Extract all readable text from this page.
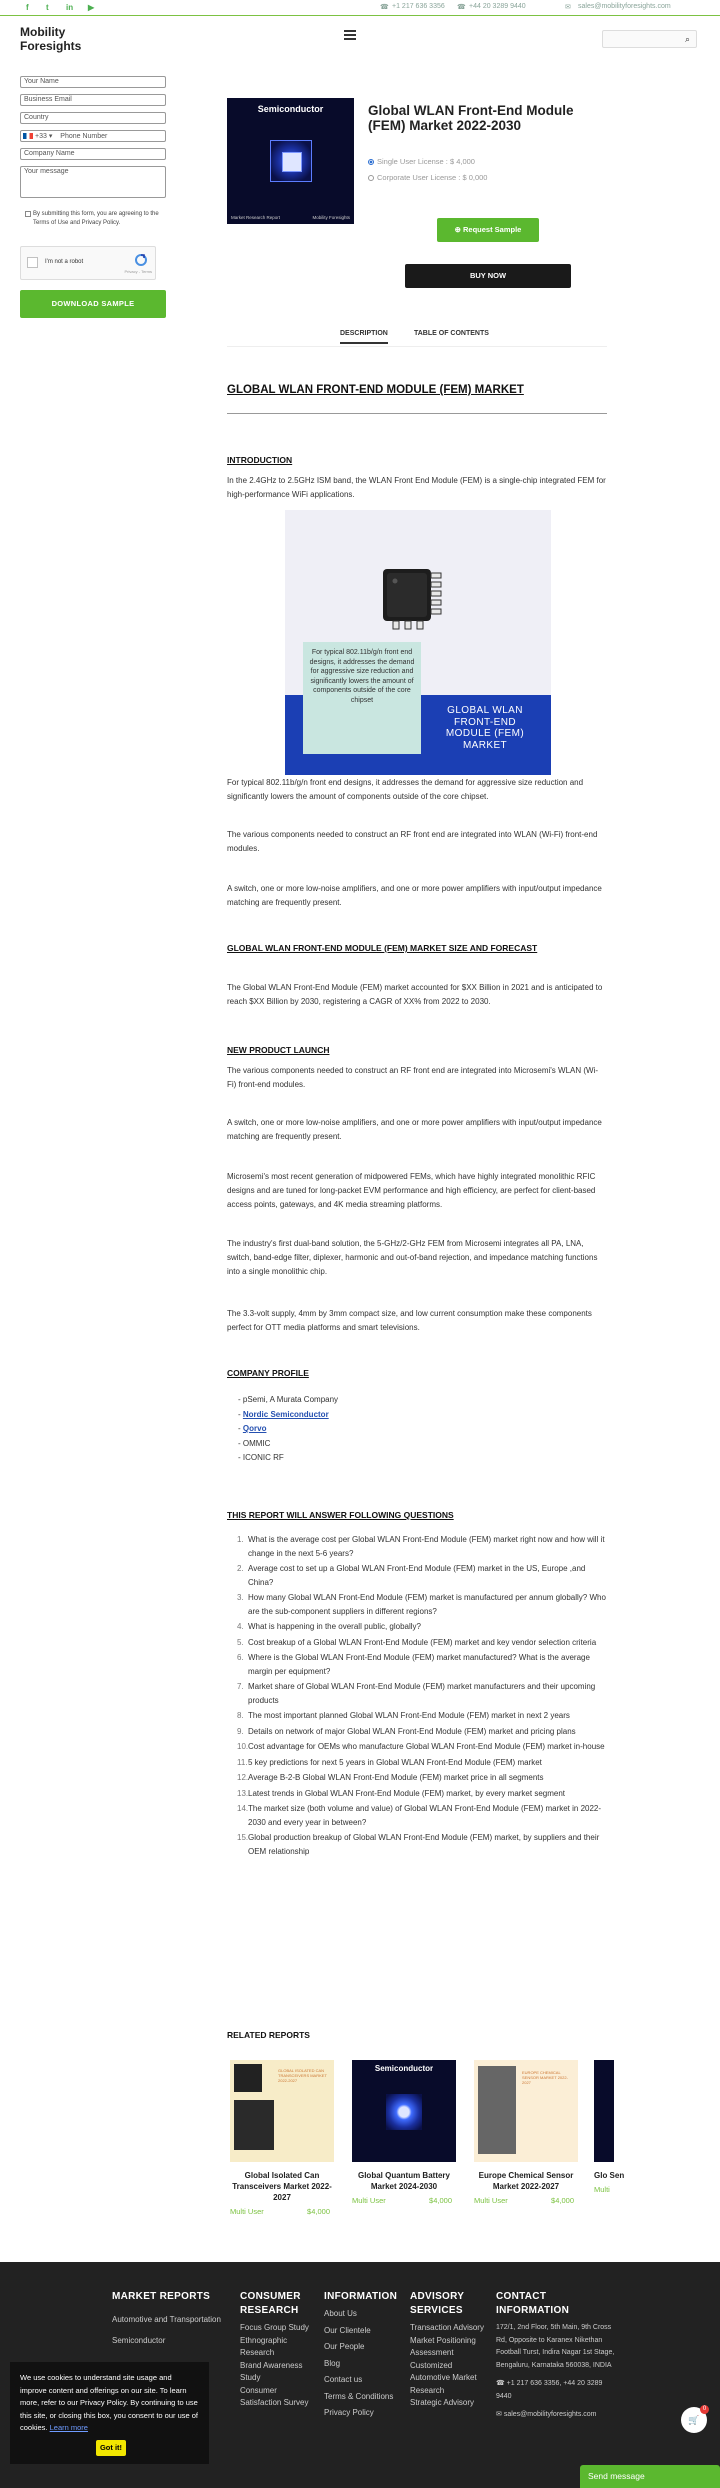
f	t	in ▶	☎ +1 217 636 3356 ☎ +44 20 3289 9440	✉ sales@mobilityforesights.com
Mobility
Foresights	⌕
Your Name
Business Email
Country
+33 ▾ Phone Number
Company Name
Your message
By submitting this form, you are agreeing to the Terms of Use and Privacy Policy.
I'm not a robot
Privacy - Terms
DOWNLOAD SAMPLE
Semiconductor
Market Research Report	Mobility Foresights
Global WLAN Front-End Module (FEM) Market 2022-2030
Single User License : $ 4,000
Corporate User License : $ 0,000
⊕ Request Sample
BUY NOW
DESCRIPTION	TABLE OF CONTENTS
GLOBAL WLAN FRONT-END MODULE (FEM) MARKET
INTRODUCTION
In the 2.4GHz to 2.5GHz ISM band, the WLAN Front End Module (FEM) is a single-chip integrated FEM for high-performance WiFi applications.
GLOBAL WLAN FRONT-END MODULE (FEM) MARKET
For typical 802.11b/g/n front end designs, it addresses the demand for aggressive size reduction and significantly lowers the amount of components outside of the core chipset
For typical 802.11b/g/n front end designs, it addresses the demand for aggressive size reduction and significantly lowers the amount of components outside of the core chipset.
The various components needed to construct an RF front end are integrated into WLAN (Wi-Fi) front-end modules.
A switch, one or more low-noise amplifiers, and one or more power amplifiers with input/output impedance matching are frequently present.
GLOBAL WLAN FRONT-END MODULE (FEM) MARKET SIZE AND FORECAST
The Global WLAN Front-End Module (FEM) market accounted for $XX Billion in 2021 and is anticipated to reach $XX Billion by 2030, registering a CAGR of XX% from 2022 to 2030.
NEW PRODUCT LAUNCH
The various components needed to construct an RF front end are integrated into Microsemi's WLAN (Wi-Fi) front-end modules.
A switch, one or more low-noise amplifiers, and one or more power amplifiers with input/output impedance matching are frequently present.
Microsemi's most recent generation of midpowered FEMs, which have highly integrated monolithic RFIC designs and are tuned for long-packet EVM performance and high efficiency, are perfect for client-based access points, gateways, and 4K media streaming platforms.
The industry's first dual-band solution, the 5-GHz/2-GHz FEM from Microsemi integrates all PA, LNA, switch, band-edge filter, diplexer, harmonic and out-of-band rejection, and impedance matching functions into a single monolithic chip.
The 3.3-volt supply, 4mm by 3mm compact size, and low current consumption make these components perfect for OTT media platforms and smart televisions.
COMPANY PROFILE
- pSemi, A Murata Company
- Nordic Semiconductor
- Qorvo
- OMMIC
- ICONIC RF
THIS REPORT WILL ANSWER FOLLOWING QUESTIONS
1. What is the average cost per Global WLAN Front-End Module (FEM) market right now and how will it change in the next 5-6 years?
2. Average cost to set up a Global WLAN Front-End Module (FEM) market in the US, Europe ,and China?
3. How many Global WLAN Front-End Module (FEM) market is manufactured per annum globally? Who are the sub-component suppliers in different regions?
4. What is happening in the overall public, globally?
5. Cost breakup of a Global WLAN Front-End Module (FEM) market and key vendor selection criteria
6. Where is the Global WLAN Front-End Module (FEM) market manufactured? What is the average margin per equipment?
7. Market share of Global WLAN Front-End Module (FEM) market manufacturers and their upcoming products
8. The most important planned Global WLAN Front-End Module (FEM) market in next 2 years
9. Details on network of major Global WLAN Front-End Module (FEM) market and pricing plans
10. Cost advantage for OEMs who manufacture Global WLAN Front-End Module (FEM) market in-house
11. 5 key predictions for next 5 years in Global WLAN Front-End Module (FEM) market
12. Average B-2-B Global WLAN Front-End Module (FEM) market price in all segments
13. Latest trends in Global WLAN Front-End Module (FEM) market, by every market segment
14. The market size (both volume and value) of Global WLAN Front-End Module (FEM) market in 2022-2030 and every year in between?
15. Global production breakup of Global WLAN Front-End Module (FEM) market, by suppliers and their OEM relationship
RELATED REPORTS
GLOBAL ISOLATED CAN TRANSCEIVERS MARKET 2022-2027
Global Isolated Can Transceivers Market 2022-2027
Multi User	$4,000
Semiconductor
Global Quantum Battery Market 2024-2030
Multi User	$4,000
EUROPE CHEMICAL SENSOR MARKET 2022-2027
Europe Chemical Sensor Market 2022-2027
Multi User	$4,000
Glo Sen
Multi
MARKET REPORTS
Automotive and Transportation
Semiconductor
CONSUMER RESEARCH
Focus Group Study
Ethnographic Research
Brand Awareness Study
Consumer Satisfaction Survey
INFORMATION
About Us
Our Clientele
Our People
Blog
Contact us
Terms & Conditions
Privacy Policy
ADVISORY SERVICES
Transaction Advisory
Market Positioning Assessment
Customized Automotive Market Research
Strategic Advisory
CONTACT INFORMATION
172/1, 2nd Floor, 5th Main, 9th Cross Rd, Opposite to Karanex Nikethan Football Turst, Indira Nagar 1st Stage, Bengaluru, Karnataka 560038, INDIA
☎ +1 217 636 3356, +44 20 3289 9440
✉ sales@mobilityforesights.com
We use cookies to understand site usage and improve content and offerings on our site. To learn more, refer to our Privacy Policy. By continuing to use this site, or closing this box, you consent to our use of cookies. Learn more
Got it!
🛒
0
Send message
